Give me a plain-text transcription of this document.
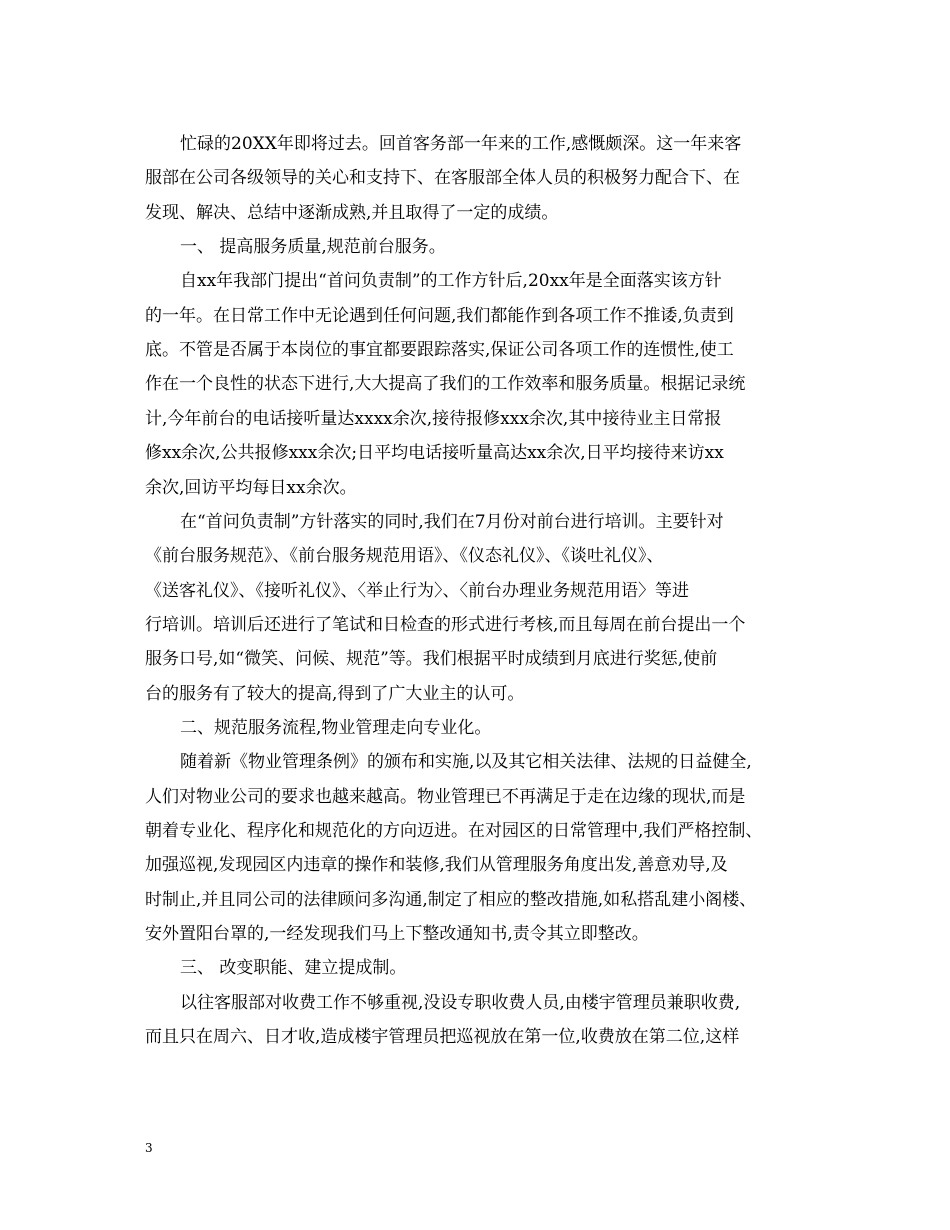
忙碌的20XX年即将过去。回首客务部一年来的工作,感慨颇深。这一年来客
服部在公司各级领导的关心和支持下、在客服部全体人员的积极努力配合下、在
发现、解决、总结中逐渐成熟,并且取得了一定的成绩。
一、 提高服务质量,规范前台服务。
自xx年我部门提出“首问负责制”的工作方针后,20xx年是全面落实该方针
的一年。在日常工作中无论遇到任何问题,我们都能作到各项工作不推诿,负责到
底。不管是否属于本岗位的事宜都要跟踪落实,保证公司各项工作的连惯性,使工
作在一个良性的状态下进行,大大提高了我们的工作效率和服务质量。根据记录统
计,今年前台的电话接听量达xxxx余次,接待报修xxx余次,其中接待业主日常报
修xx余次,公共报修xxx余次;日平均电话接听量高达xx余次,日平均接待来访xx
余次,回访平均每日xx余次。
在“首问负责制”方针落实的同时,我们在7月份对前台进行培训。主要针对
《前台服务规范》、《前台服务规范用语》、《仪态礼仪》、《谈吐礼仪》、
《送客礼仪》、《接听礼仪》、〈举止行为〉、〈前台办理业务规范用语〉等进
行培训。培训后还进行了笔试和日检查的形式进行考核,而且每周在前台提出一个
服务口号,如“微笑、问候、规范”等。我们根据平时成绩到月底进行奖惩,使前
台的服务有了较大的提高,得到了广大业主的认可。
二、规范服务流程,物业管理走向专业化。
随着新《物业管理条例》的颁布和实施,以及其它相关法律、法规的日益健全,
人们对物业公司的要求也越来越高。物业管理已不再满足于走在边缘的现状,而是
朝着专业化、程序化和规范化的方向迈进。在对园区的日常管理中,我们严格控制、
加强巡视,发现园区内违章的操作和装修,我们从管理服务角度出发,善意劝导,及
时制止,并且同公司的法律顾问多沟通,制定了相应的整改措施,如私搭乱建小阁楼、
安外置阳台罩的,一经发现我们马上下整改通知书,责令其立即整改。
三、 改变职能、建立提成制。
以往客服部对收费工作不够重视,没设专职收费人员,由楼宇管理员兼职收费,
而且只在周六、日才收,造成楼宇管理员把巡视放在第一位,收费放在第二位,这样
3
